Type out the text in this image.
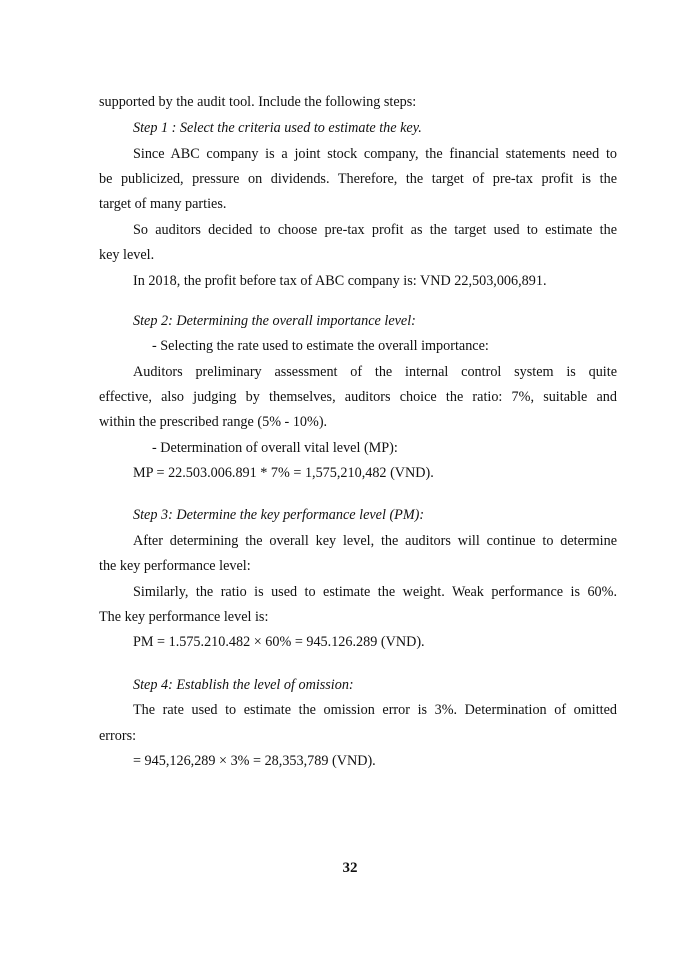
supported by the audit tool. Include the following steps:
Step 1 : Select the criteria used to estimate the key.
Since ABC company is a joint stock company, the financial statements need to
be publicized, pressure on dividends. Therefore, the target of pre-tax profit is the
target of many parties.
So auditors decided to choose pre-tax profit as the target used to estimate the
key level.
In 2018, the profit before tax of ABC company is: VND 22,503,006,891.
Step 2: Determining the overall importance level:
- Selecting the rate used to estimate the overall importance:
Auditors preliminary assessment of the internal control system is quite
effective, also judging by themselves, auditors choice the ratio: 7%, suitable and
within the prescribed range (5% - 10%).
- Determination of overall vital level (MP):
MP = 22.503.006.891 * 7% = 1,575,210,482 (VND).
Step 3: Determine the key performance level (PM):
After determining the overall key level, the auditors will continue to determine
the key performance level:
Similarly, the ratio is used to estimate the weight. Weak performance is 60%.
The key performance level is:
PM = 1.575.210.482 × 60% = 945.126.289 (VND).
Step 4: Establish the level of omission:
The rate used to estimate the omission error is 3%. Determination of omitted
errors:
= 945,126,289 × 3% = 28,353,789 (VND).
32
